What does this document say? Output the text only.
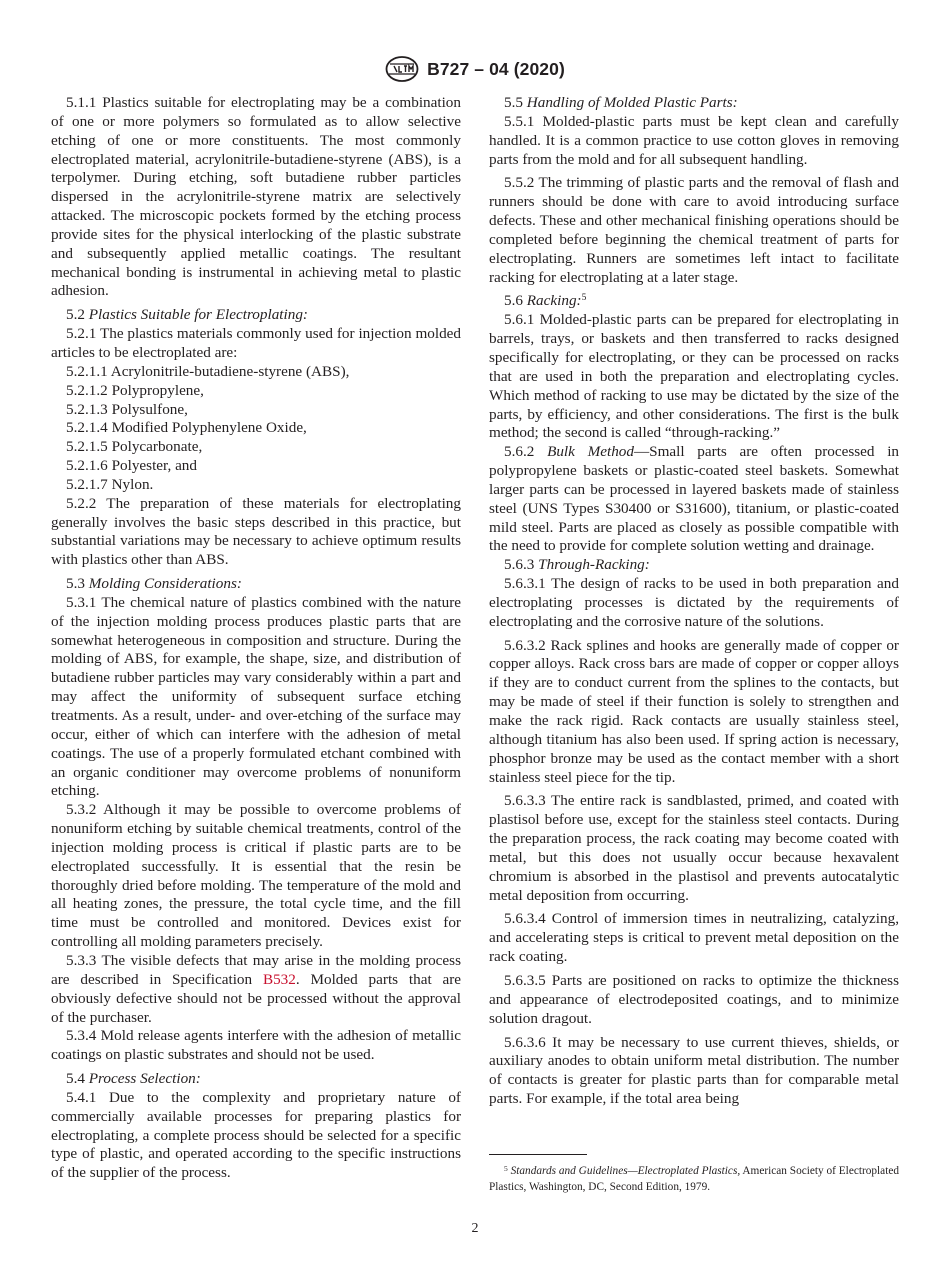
B727 – 04 (2020)

5.1.1 Plastics suitable for electroplating may be a combination of one or more polymers so formulated as to allow selective etching of one or more constituents. The most commonly electroplated material, acrylonitrile-butadiene-styrene (ABS), is a terpolymer. During etching, soft butadiene rubber particles dispersed in the acrylonitrile-styrene matrix are selectively attacked. The microscopic pockets formed by the etching process provide sites for the physical interlocking of the plastic substrate and subsequently applied metallic coatings. The resultant mechanical bonding is instrumental in achieving metal to plastic adhesion.

5.2 Plastics Suitable for Electroplating:

5.2.1 The plastics materials commonly used for injection molded articles to be electroplated are:

5.2.1.1 Acrylonitrile-butadiene-styrene (ABS),

5.2.1.2 Polypropylene,

5.2.1.3 Polysulfone,

5.2.1.4 Modified Polyphenylene Oxide,

5.2.1.5 Polycarbonate,

5.2.1.6 Polyester, and

5.2.1.7 Nylon.

5.2.2 The preparation of these materials for electroplating generally involves the basic steps described in this practice, but substantial variations may be necessary to achieve optimum results with plastics other than ABS.

5.3 Molding Considerations:

5.3.1 The chemical nature of plastics combined with the nature of the injection molding process produces plastic parts that are somewhat heterogeneous in composition and structure. During the molding of ABS, for example, the shape, size, and distribution of butadiene rubber particles may vary considerably within a part and may affect the uniformity of subsequent surface etching treatments. As a result, under- and over-etching of the surface may occur, either of which can interfere with the adhesion of metal coatings. The use of a properly formulated etchant combined with an organic conditioner may overcome problems of nonuniform etching.

5.3.2 Although it may be possible to overcome problems of nonuniform etching by suitable chemical treatments, control of the injection molding process is critical if plastic parts are to be electroplated successfully. It is essential that the resin be thoroughly dried before molding. The temperature of the mold and all heating zones, the pressure, the total cycle time, and the fill time must be controlled and monitored. Devices exist for controlling all molding parameters precisely.

5.3.3 The visible defects that may arise in the molding process are described in Specification B532. Molded parts that are obviously defective should not be processed without the approval of the purchaser.

5.3.4 Mold release agents interfere with the adhesion of metallic coatings on plastic substrates and should not be used.

5.4 Process Selection:

5.4.1 Due to the complexity and proprietary nature of commercially available processes for preparing plastics for electroplating, a complete process should be selected for a specific type of plastic, and operated according to the specific instructions of the supplier of the process.

5.5 Handling of Molded Plastic Parts:

5.5.1 Molded-plastic parts must be kept clean and carefully handled. It is a common practice to use cotton gloves in removing parts from the mold and for all subsequent handling.

5.5.2 The trimming of plastic parts and the removal of flash and runners should be done with care to avoid introducing surface defects. These and other mechanical finishing operations should be completed before beginning the chemical treatment of parts for electroplating. Runners are sometimes left intact to facilitate racking for electroplating at a later stage.

5.6 Racking:$^5$

5.6.1 Molded-plastic parts can be prepared for electroplating in barrels, trays, or baskets and then transferred to racks designed specifically for electroplating, or they can be processed on racks that are used in both the preparation and electroplating cycles. Which method of racking to use may be dictated by the size of the parts, by efficiency, and other considerations. The first is the bulk method; the second is called “through-racking.”

5.6.2 Bulk Method—Small parts are often processed in polypropylene baskets or plastic-coated steel baskets. Somewhat larger parts can be processed in layered baskets made of stainless steel (UNS Types S30400 or S31600), titanium, or plastic-coated mild steel. Parts are placed as closely as possible compatible with the need to provide for complete solution wetting and drainage.

5.6.3 Through-Racking:

5.6.3.1 The design of racks to be used in both preparation and electroplating processes is dictated by the requirements of electroplating and the corrosive nature of the solutions.

5.6.3.2 Rack splines and hooks are generally made of copper or copper alloys. Rack cross bars are made of copper or copper alloys if they are to conduct current from the splines to the contacts, but may be made of steel if their function is solely to strengthen and make the rack rigid. Rack contacts are usually stainless steel, although titanium has also been used. If spring action is necessary, phosphor bronze may be used as the contact member with a short stainless steel piece for the tip.

5.6.3.3 The entire rack is sandblasted, primed, and coated with plastisol before use, except for the stainless steel contacts. During the preparation process, the rack coating may become coated with metal, but this does not usually occur because hexavalent chromium is absorbed in the plastisol and prevents autocatalytic metal deposition from occurring.

5.6.3.4 Control of immersion times in neutralizing, catalyzing, and accelerating steps is critical to prevent metal deposition on the rack coating.

5.6.3.5 Parts are positioned on racks to optimize the thickness and appearance of electrodeposited coatings, and to minimize solution dragout.

5.6.3.6 It may be necessary to use current thieves, shields, or auxiliary anodes to obtain uniform metal distribution. The number of contacts is greater for plastic parts than for comparable metal parts. For example, if the total area being

$^5$ Standards and Guidelines—Electroplated Plastics, American Society of Electroplated Plastics, Washington, DC, Second Edition, 1979.
2
